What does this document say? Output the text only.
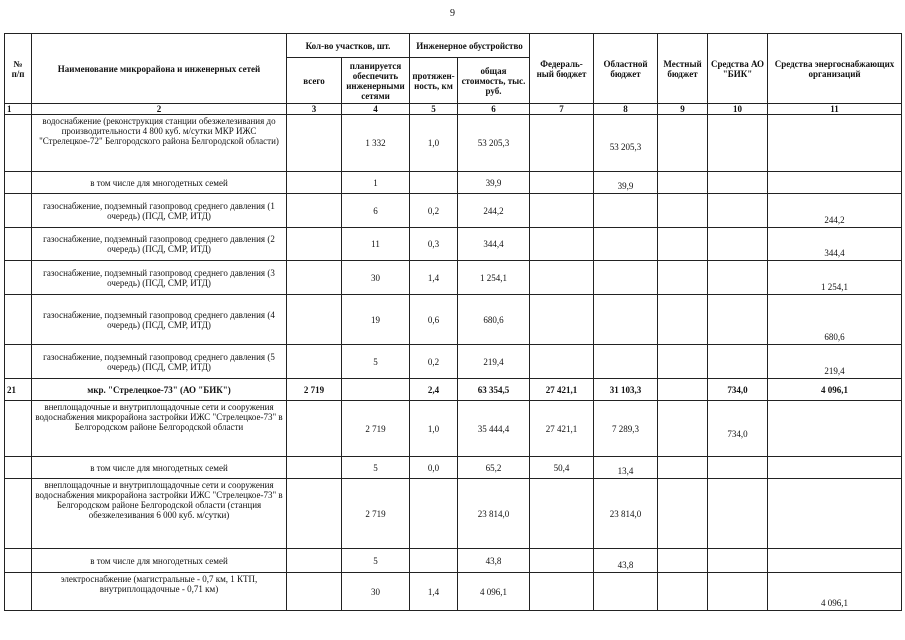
9
№
п/п	Наименование микрорайона и инженерных сетей	Кол-во участков, шт.		Инженерное обустройство		Федераль-ный бюджет	Областной бюджет	Местный бюджет	Средства АО "БИК"	Средства энергоснабжающих организаций
		всего	планируется обеспечить инженерными сетями	протяжен-ность, км	общая стоимость, тыс. руб.					
1	2	3	4	5	6	7	8	9	10	11
	водоснабжение (реконструкция станции обезжелезивания до производительности 4 800 куб. м/сутки МКР ИЖС "Стрелецкое-72" Белгородского района Белгородской области)		1 332	1,0	53 205,3		53 205,3			
	в том числе для многодетных семей		1		39,9		39,9			
	газоснабжение, подземный газопровод среднего давления (1 очередь) (ПСД, СМР, ИТД)		6	0,2	244,2					244,2
	газоснабжение, подземный газопровод среднего давления (2 очередь) (ПСД, СМР, ИТД)		11	0,3	344,4					344,4
	газоснабжение, подземный газопровод среднего давления (3 очередь) (ПСД, СМР, ИТД)		30	1,4	1 254,1					1 254,1
	газоснабжение, подземный газопровод среднего давления (4 очередь) (ПСД, СМР, ИТД)		19	0,6	680,6					680,6
	газоснабжение, подземный газопровод среднего давления (5 очередь) (ПСД, СМР, ИТД)		5	0,2	219,4					219,4
21	мкр. "Стрелецкое-73" (АО "БИК")	2 719		2,4	63 354,5	27 421,1	31 103,3		734,0	4 096,1
	внеплощадочные и внутриплощадочные сети и сооружения водоснабжения микрорайона застройки ИЖС "Стрелецкое-73" в Белгородском районе Белгородской области		2 719	1,0	35 444,4	27 421,1	7 289,3		734,0	
	в том числе для многодетных семей		5	0,0	65,2	50,4	13,4			
	внеплощадочные и внутриплощадочные сети и сооружения водоснабжения микрорайона застройки ИЖС "Стрелецкое-73" в Белгородском районе Белгородской области (станция обезжелезивания 6 000 куб. м/сутки)		2 719		23 814,0		23 814,0			
	в том числе для многодетных семей		5		43,8		43,8			
	электроснабжение (магистральные - 0,7 км, 1 КТП, внутриплощадочные - 0,71 км)		30	1,4	4 096,1					4 096,1
